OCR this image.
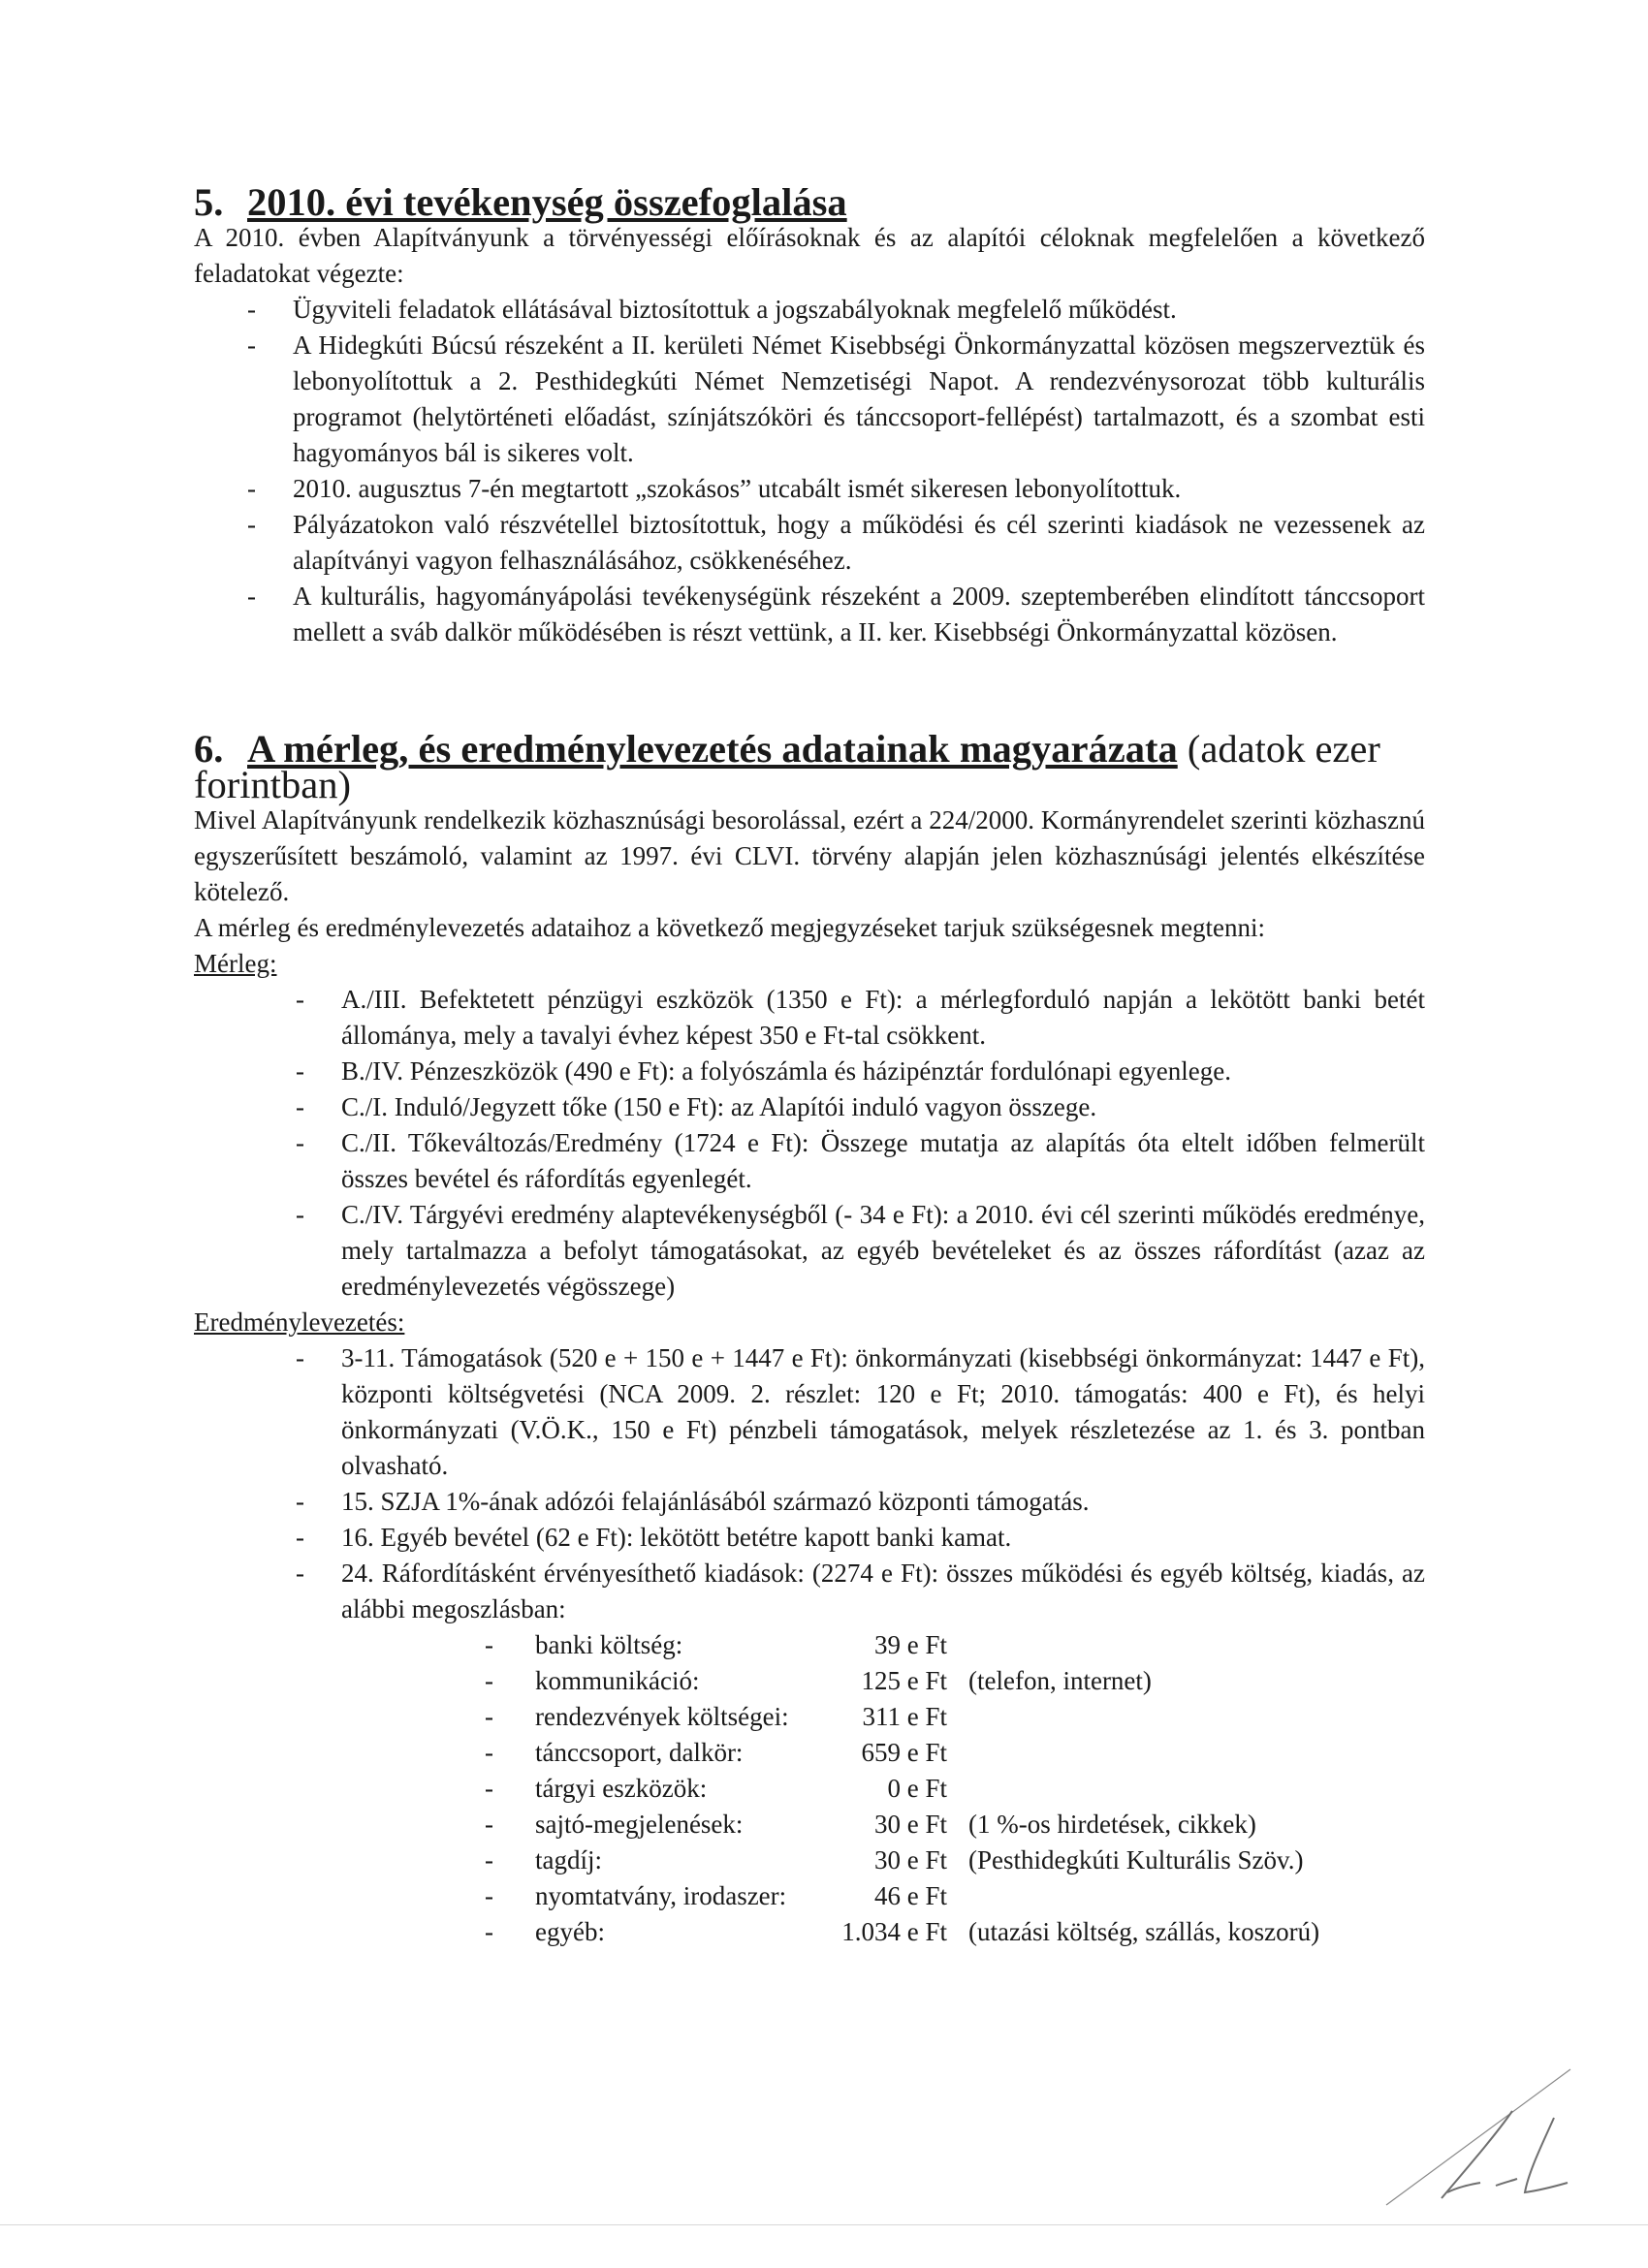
5. 2010. évi tevékenység összefoglalása

A 2010. évben Alapítványunk a törvényességi előírásoknak és az alapítói céloknak megfelelően a következő feladatokat végezte:

- Ügyviteli feladatok ellátásával biztosítottuk a jogszabályoknak megfelelő működést.
- A Hidegkúti Búcsú részeként a II. kerületi Német Kisebbségi Önkormányzattal közösen megszerveztük és lebonyolítottuk a 2. Pesthidegkúti Német Nemzetiségi Napot. A rendezvénysorozat több kulturális programot (helytörténeti előadást, színjátszóköri és tánccsoport-fellépést) tartalmazott, és a szombat esti hagyományos bál is sikeres volt.
- 2010. augusztus 7-én megtartott „szokásos” utcabált ismét sikeresen lebonyolítottuk.
- Pályázatokon való részvétellel biztosítottuk, hogy a működési és cél szerinti kiadások ne vezessenek az alapítványi vagyon felhasználásához, csökkenéséhez.
- A kulturális, hagyományápolási tevékenységünk részeként a 2009. szeptemberében elindított tánccsoport mellett a sváb dalkör működésében is részt vettünk, a II. ker. Kisebbségi Önkormányzattal közösen.
6. A mérleg, és eredménylevezetés adatainak magyarázata (adatok ezer forintban)

Mivel Alapítványunk rendelkezik közhasznúsági besorolással, ezért a 224/2000. Kormányrendelet szerinti közhasznú egyszerűsített beszámoló, valamint az 1997. évi CLVI. törvény alapján jelen közhasznúsági jelentés elkészítése kötelező.

A mérleg és eredménylevezetés adataihoz a következő megjegyzéseket tarjuk szükségesnek megtenni:

Mérleg:
- A./III. Befektetett pénzügyi eszközök (1350 e Ft): a mérlegforduló napján a lekötött banki betét állománya, mely a tavalyi évhez képest 350 e Ft-tal csökkent.
- B./IV. Pénzeszközök (490 e Ft): a folyószámla és házipénztár fordulónapi egyenlege.
- C./I. Induló/Jegyzett tőke (150 e Ft): az Alapítói induló vagyon összege.
- C./II. Tőkeváltozás/Eredmény (1724 e Ft): Összege mutatja az alapítás óta eltelt időben felmerült összes bevétel és ráfordítás egyenlegét.
- C./IV. Tárgyévi eredmény alaptevékenységből (- 34 e Ft): a 2010. évi cél szerinti működés eredménye, mely tartalmazza a befolyt támogatásokat, az egyéb bevételeket és az összes ráfordítást (azaz az eredménylevezetés végösszege)
Eredménylevezetés:
- 3-11. Támogatások (520 e + 150 e + 1447 e Ft): önkormányzati (kisebbségi önkormányzat: 1447 e Ft), központi költségvetési (NCA 2009. 2. részlet: 120 e Ft; 2010. támogatás: 400 e Ft), és helyi önkormányzati (V.Ö.K., 150 e Ft) pénzbeli támogatások, melyek részletezése az 1. és 3. pontban olvasható.
- 15. SZJA 1%-ának adózói felajánlásából származó központi támogatás.
- 16. Egyéb bevétel (62 e Ft): lekötött betétre kapott banki kamat.
- 24. Ráfordításként érvényesíthető kiadások: (2274 e Ft): összes működési és egyéb költség, kiadás, az alábbi megoszlásban:
- banki költség:	39 e Ft
- kommunikáció:	125 e Ft (telefon, internet)
- rendezvények költségei:	311 e Ft
- tánccsoport, dalkör:	659 e Ft
- tárgyi eszközök:	0 e Ft
- sajtó-megjelenések:	30 e Ft (1 %-os hirdetések, cikkek)
- tagdíj:	30 e Ft (Pesthidegkúti Kulturális Szöv.)
- nyomtatvány, irodaszer:	46 e Ft
- egyéb:	1.034 e Ft (utazási költség, szállás, koszorú)
